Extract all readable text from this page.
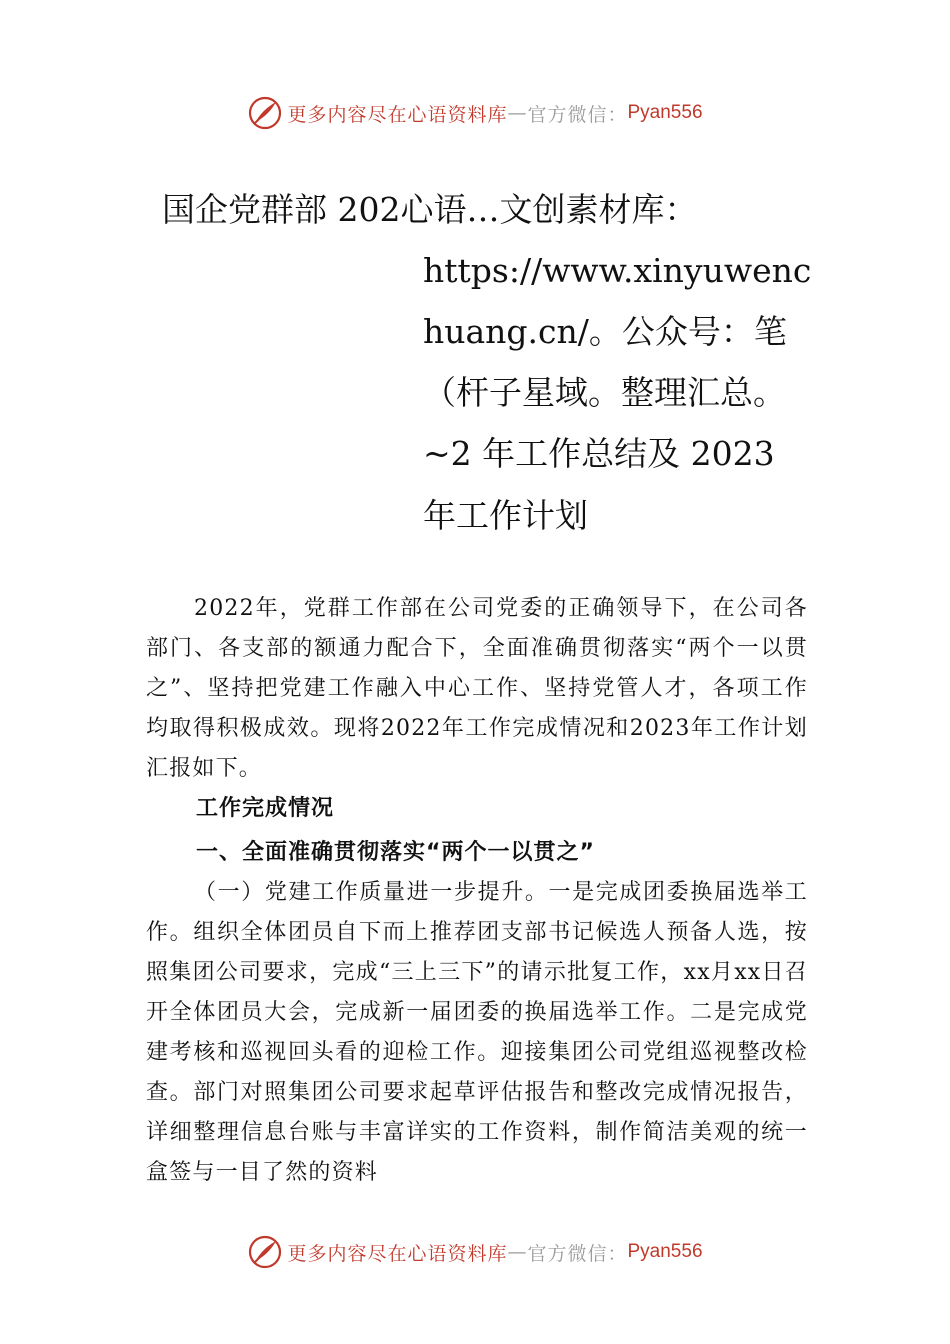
更多内容尽在心语资料库 — 官方微信： Pyan556
国企党群部 202心语…文创素材库：
https://www.xinyuwenc
huang.cn/。公众号：笔
（杆子星域。整理汇总。
~2 年工作总结及 2023
年工作计划
2022年，党群工作部在公司党委的正确领导下，在公司各部门、各支部的额通力配合下，全面准确贯彻落实“两个一以贯之”、坚持把党建工作融入中心工作、坚持党管人才，各项工作均取得积极成效。现将2022年工作完成情况和2023年工作计划汇报如下。
工作完成情况
一、全面准确贯彻落实“两个一以贯之”
（一）党建工作质量进一步提升。一是完成团委换届选举工作。组织全体团员自下而上推荐团支部书记候选人预备人选，按照集团公司要求，完成“三上三下”的请示批复工作，xx月xx日召开全体团员大会，完成新一届团委的换届选举工作。二是完成党建考核和巡视回头看的迎检工作。迎接集团公司党组巡视整改检查。部门对照集团公司要求起草评估报告和整改完成情况报告，详细整理信息台账与丰富详实的工作资料，制作简洁美观的统一盒签与一目了然的资料
更多内容尽在心语资料库 — 官方微信： Pyan556
